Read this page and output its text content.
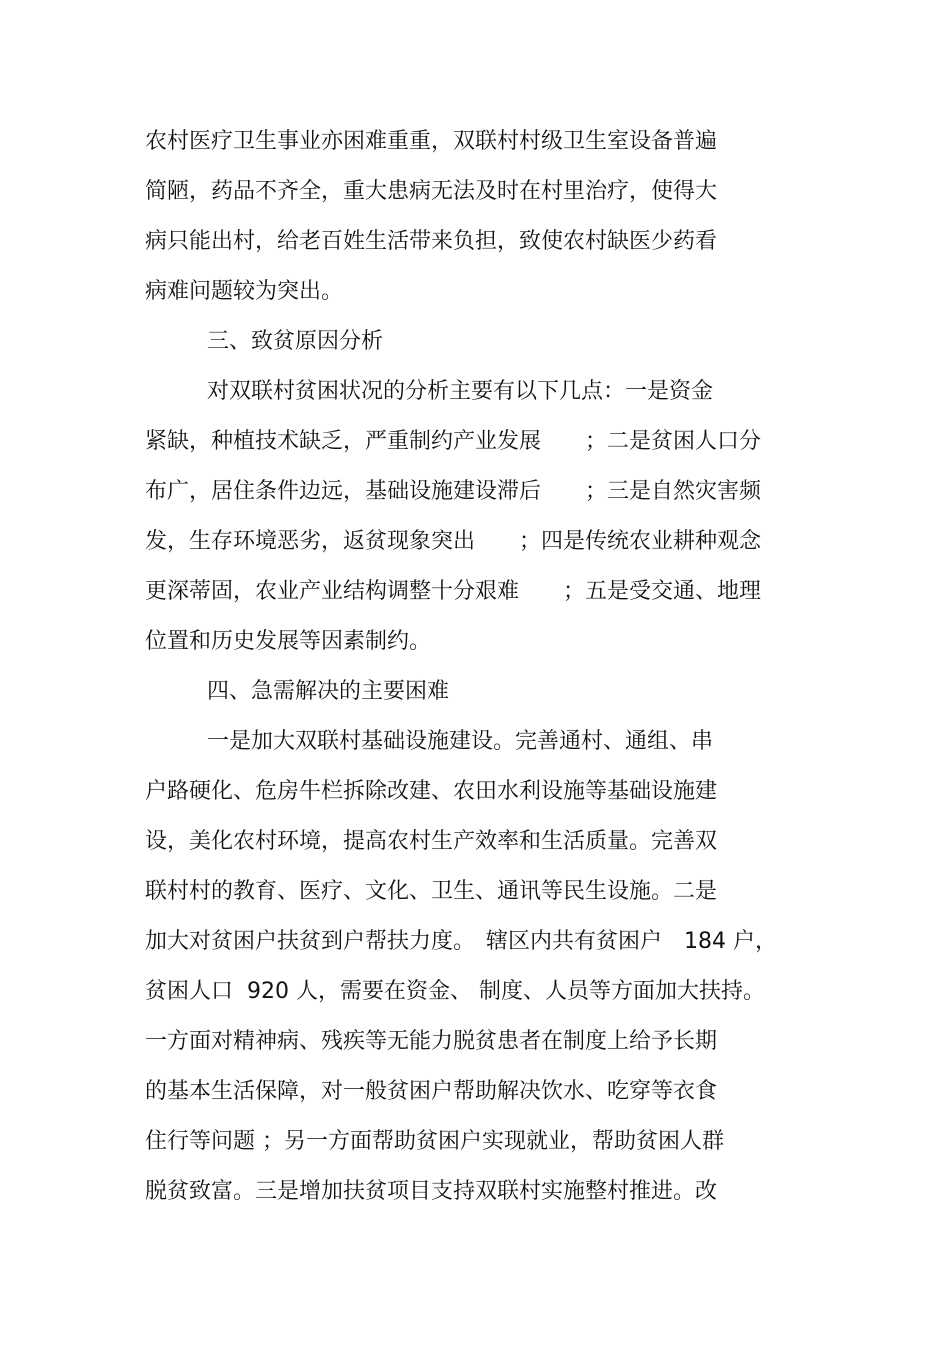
农村医疗卫生事业亦困难重重，双联村村级卫生室设备普遍

简陋，药品不齐全，重大患病无法及时在村里治疗，使得大

病只能出村，给老百姓生活带来负担，致使农村缺医少药看

病难问题较为突出。

三、致贫原因分析

对双联村贫困状况的分析主要有以下几点：一是资金

紧缺，种植技术缺乏，严重制约产业发展　　；二是贫困人口分

布广，居住条件边远，基础设施建设滞后　　；三是自然灾害频

发，生存环境恶劣，返贫现象突出　　；四是传统农业耕种观念

更深蒂固，农业产业结构调整十分艰难　　；五是受交通、地理

位置和历史发展等因素制约。

四、急需解决的主要困难

一是加大双联村基础设施建设。完善通村、通组、串

户路硬化、危房牛栏拆除改建、农田水利设施等基础设施建

设，美化农村环境，提高农村生产效率和生活质量。完善双

联村村的教育、医疗、文化、卫生、通讯等民生设施。二是

加大对贫困户扶贫到户帮扶力度。　辖区内共有贫困户　184 户，

贫困人口  920 人，需要在资金、 制度、人员等方面加大扶持。

一方面对精神病、残疾等无能力脱贫患者在制度上给予长期

的基本生活保障，对一般贫困户帮助解决饮水、吃穿等衣食

住行等问题 ；另一方面帮助贫困户实现就业，帮助贫困人群

脱贫致富。三是增加扶贫项目支持双联村实施整村推进。改
